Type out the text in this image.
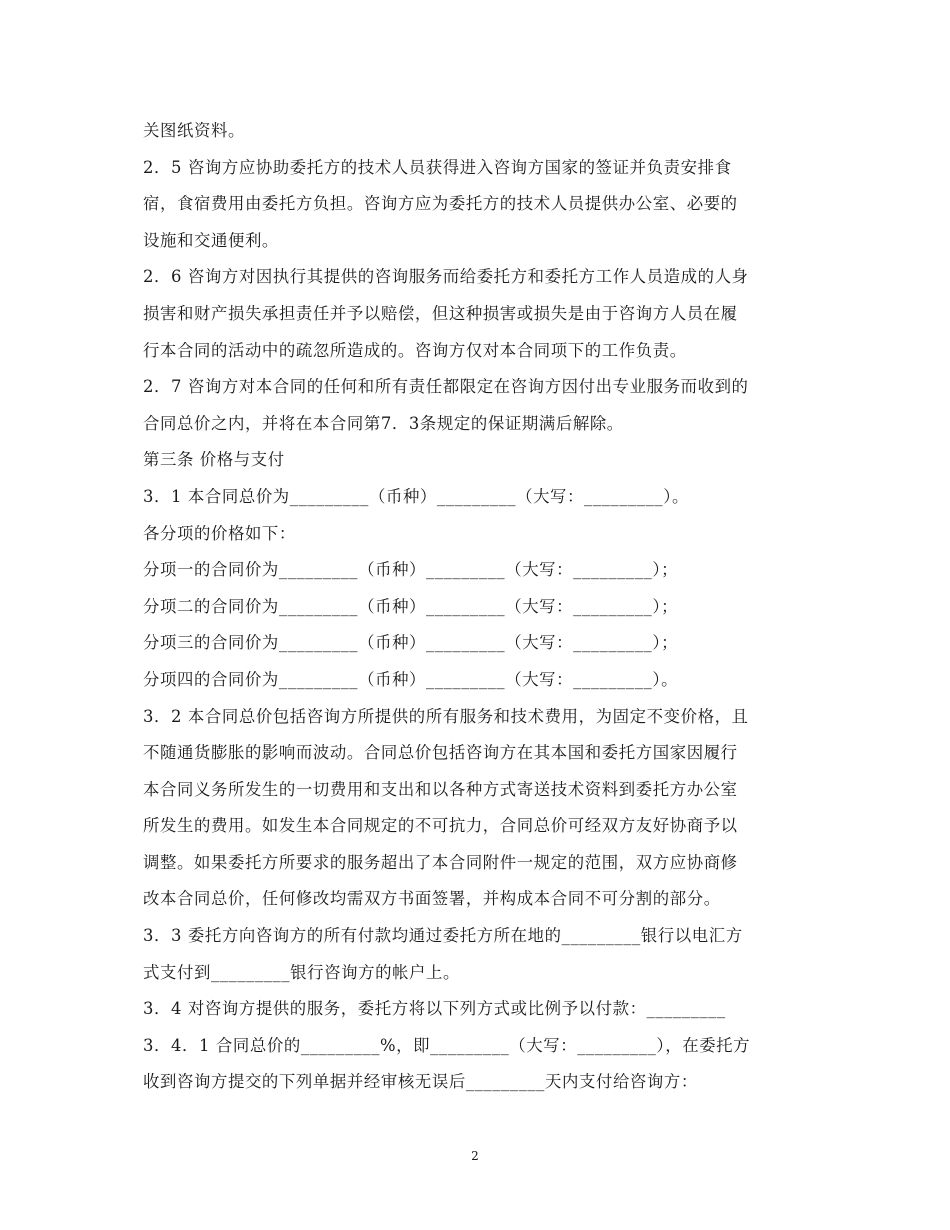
关图纸资料。
2．5 咨询方应协助委托方的技术人员获得进入咨询方国家的签证并负责安排食
宿，食宿费用由委托方负担。咨询方应为委托方的技术人员提供办公室、必要的
设施和交通便利。
2．6 咨询方对因执行其提供的咨询服务而给委托方和委托方工作人员造成的人身
损害和财产损失承担责任并予以赔偿，但这种损害或损失是由于咨询方人员在履
行本合同的活动中的疏忽所造成的。咨询方仅对本合同项下的工作负责。
2．7 咨询方对本合同的任何和所有责任都限定在咨询方因付出专业服务而收到的
合同总价之内，并将在本合同第7．3条规定的保证期满后解除。
第三条 价格与支付
3．1 本合同总价为_________（币种）_________（大写：_________）。
各分项的价格如下：
分项一的合同价为_________（币种）_________（大写：_________）；
分项二的合同价为_________（币种）_________（大写：_________）；
分项三的合同价为_________（币种）_________（大写：_________）；
分项四的合同价为_________（币种）_________（大写：_________）。
3．2 本合同总价包括咨询方所提供的所有服务和技术费用，为固定不变价格，且
不随通货膨胀的影响而波动。合同总价包括咨询方在其本国和委托方国家因履行
本合同义务所发生的一切费用和支出和以各种方式寄送技术资料到委托方办公室
所发生的费用。如发生本合同规定的不可抗力，合同总价可经双方友好协商予以
调整。如果委托方所要求的服务超出了本合同附件一规定的范围，双方应协商修
改本合同总价，任何修改均需双方书面签署，并构成本合同不可分割的部分。
3．3 委托方向咨询方的所有付款均通过委托方所在地的_________银行以电汇方
式支付到_________银行咨询方的帐户上。
3．4 对咨询方提供的服务，委托方将以下列方式或比例予以付款：_________
3．4．1 合同总价的_________%，即_________（大写：_________），在委托方
收到咨询方提交的下列单据并经审核无误后_________天内支付给咨询方：
2
